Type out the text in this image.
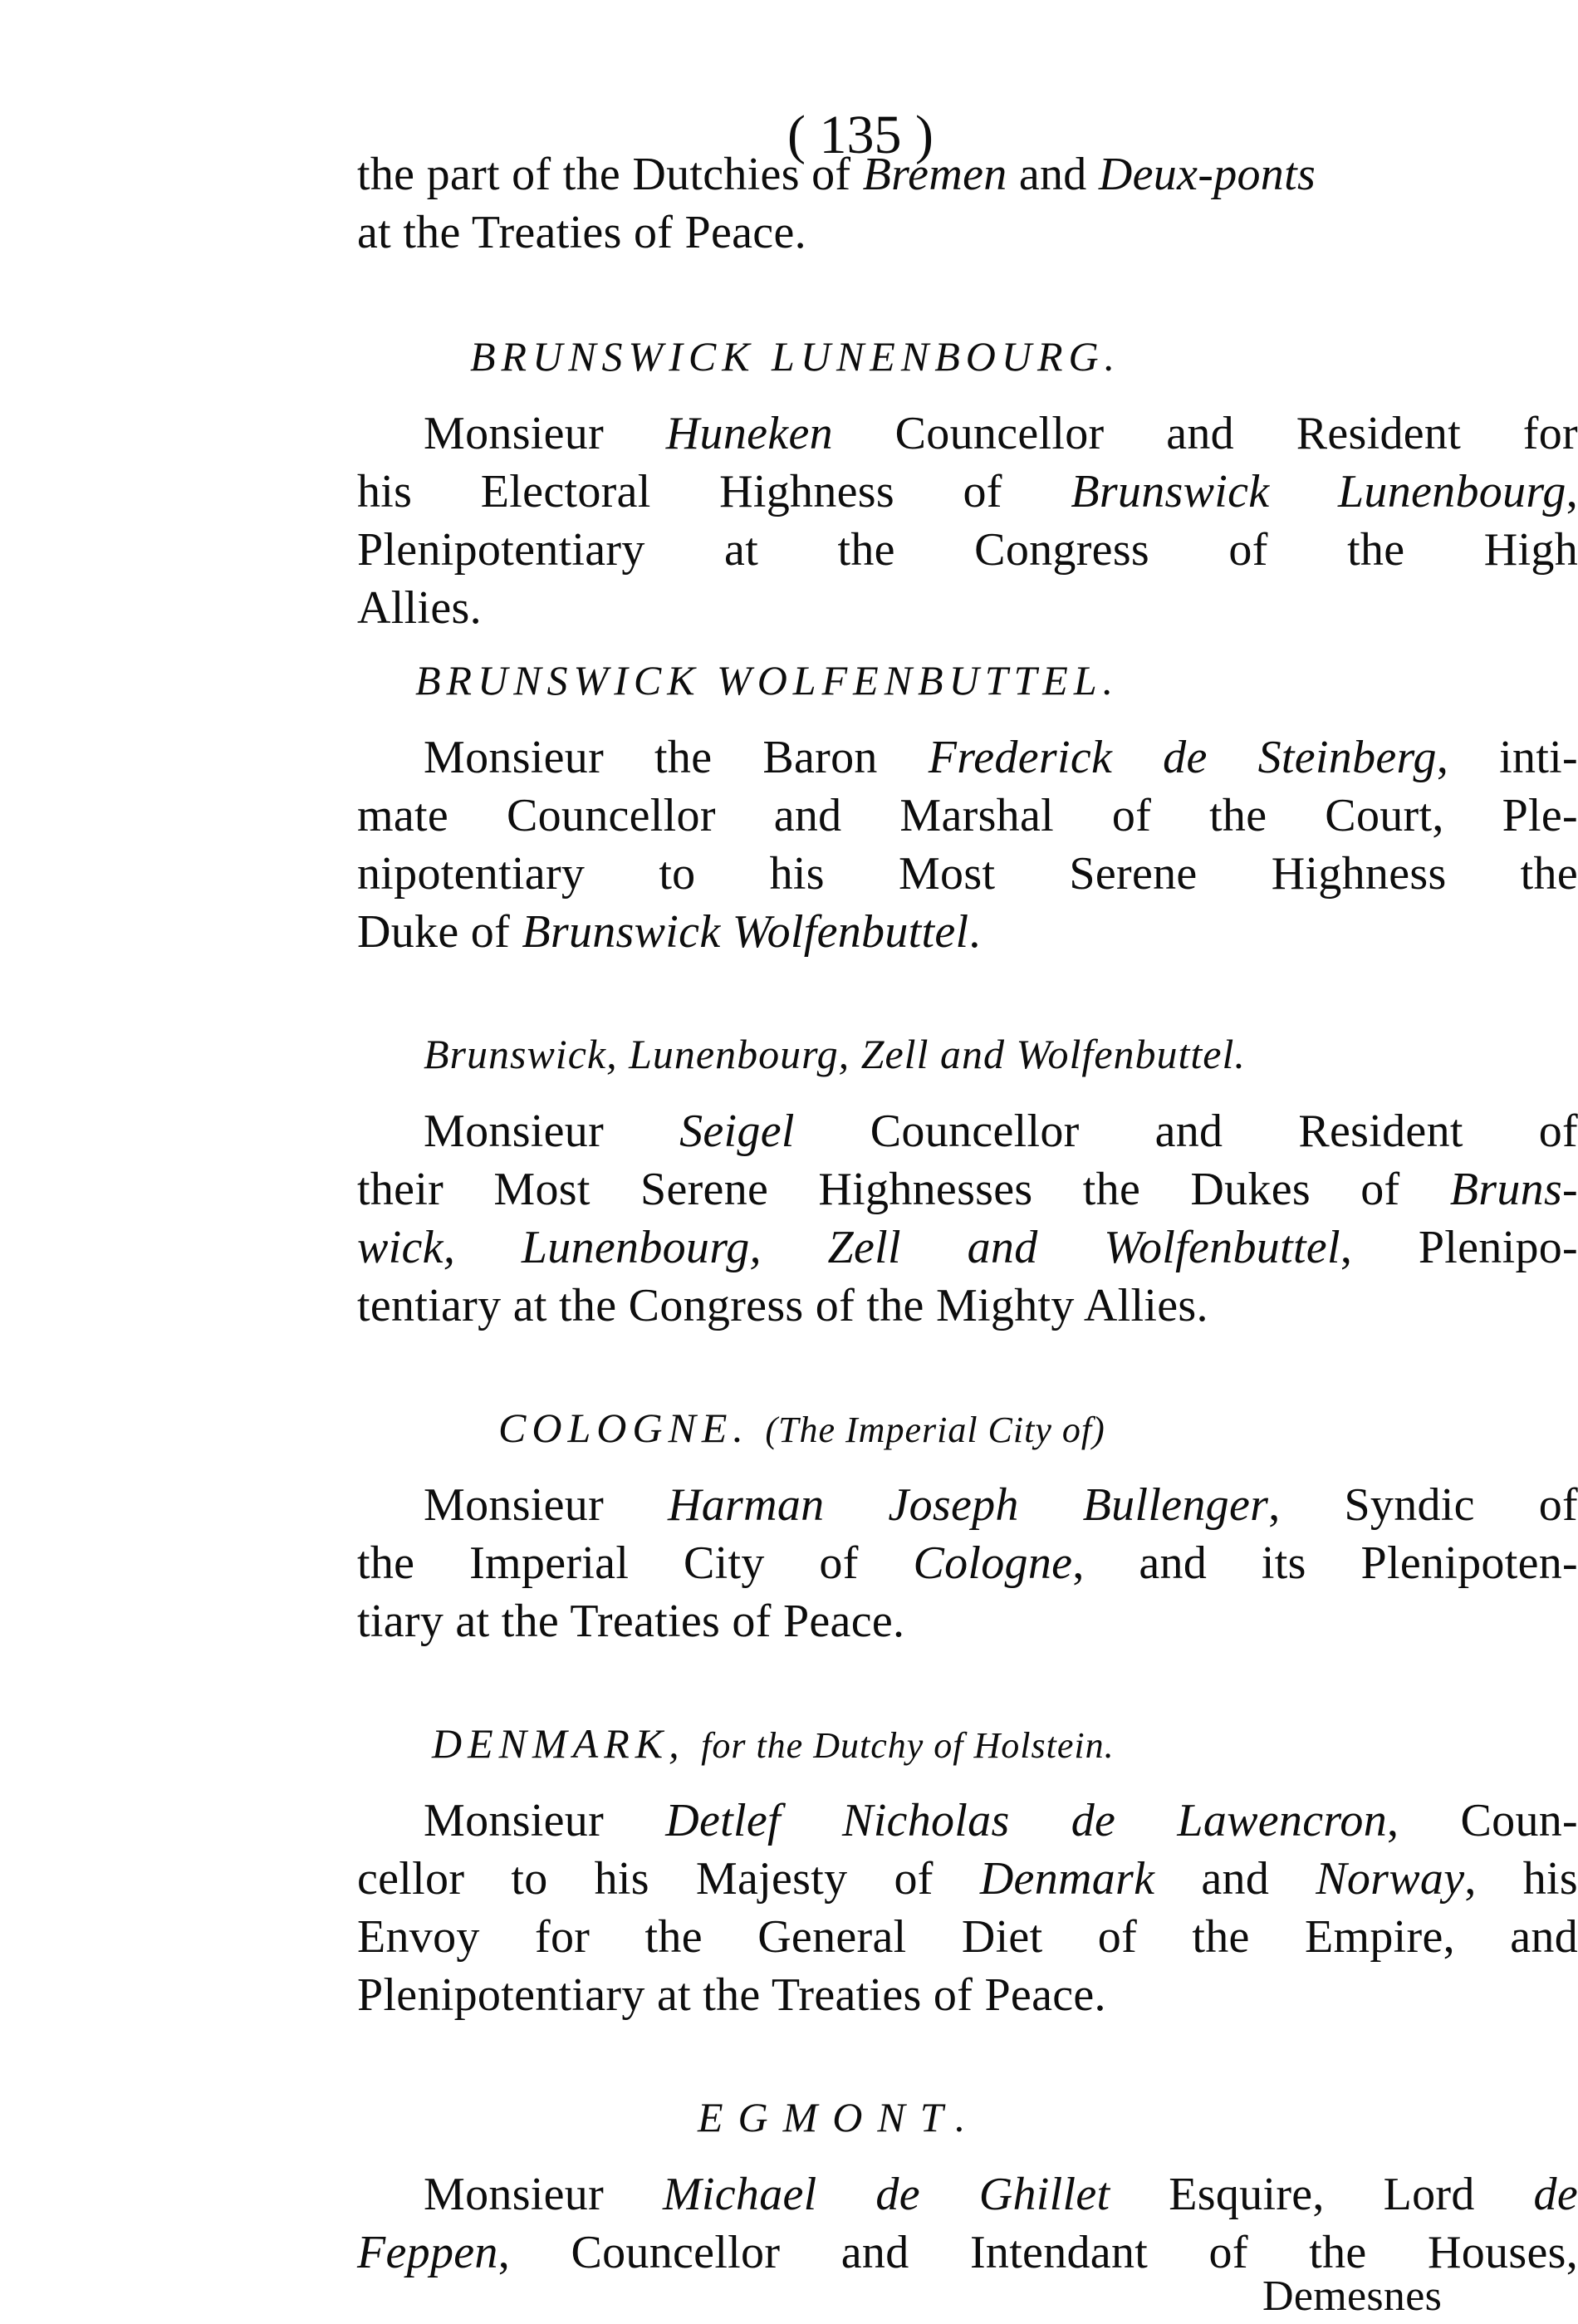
( 135 )

the part of the Dutchies of Bremen and Deux-ponts

at the Treaties of Peace.

BRUNSWICK LUNENBOURG.

Monsieur Huneken Councellor and Resident for

his Electoral Highness of Brunswick Lunenbourg,

Plenipotentiary at the Congress of the High

Allies.

BRUNSWICK WOLFENBUTTEL.

Monsieur the Baron Frederick de Steinberg, inti-

mate Councellor and Marshal of the Court, Ple-

nipotentiary to his Most Serene Highness the

Duke of Brunswick Wolfenbuttel.

Brunswick, Lunenbourg, Zell and Wolfenbuttel.

Monsieur Seigel Councellor and Resident of

their Most Serene Highnesses the Dukes of Bruns-

wick, Lunenbourg, Zell and Wolfenbuttel, Plenipo-

tentiary at the Congress of the Mighty Allies.

COLOGNE. (The Imperial City of)

Monsieur Harman Joseph Bullenger, Syndic of

the Imperial City of Cologne, and its Plenipoten-

tiary at the Treaties of Peace.

DENMARK, for the Dutchy of Holstein.

Monsieur Detlef Nicholas de Lawencron, Coun-

cellor to his Majesty of Denmark and Norway, his

Envoy for the General Diet of the Empire, and

Plenipotentiary at the Treaties of Peace.

EGMONT.

Monsieur Michael de Ghillet Esquire, Lord de

Feppen, Councellor and Intendant of the Houses,

Demesnes
